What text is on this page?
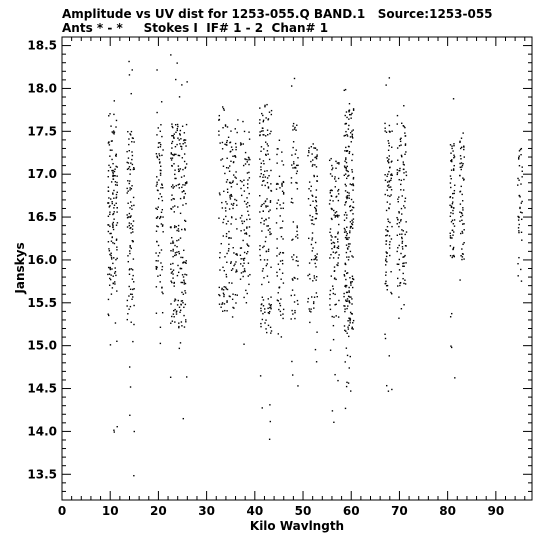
Amplitude vs UV dist for 1253-055.Q BAND.1   Source:1253-055
Ants * - *     Stokes I  IF# 1 - 2  Chan# 1
0	10	20	30	40	50	60	70	80	90
13.5
14.0
14.5
15.0
15.5
16.0
16.5
17.0
17.5
18.0
18.5
Kilo Wavlngth
Janskys
